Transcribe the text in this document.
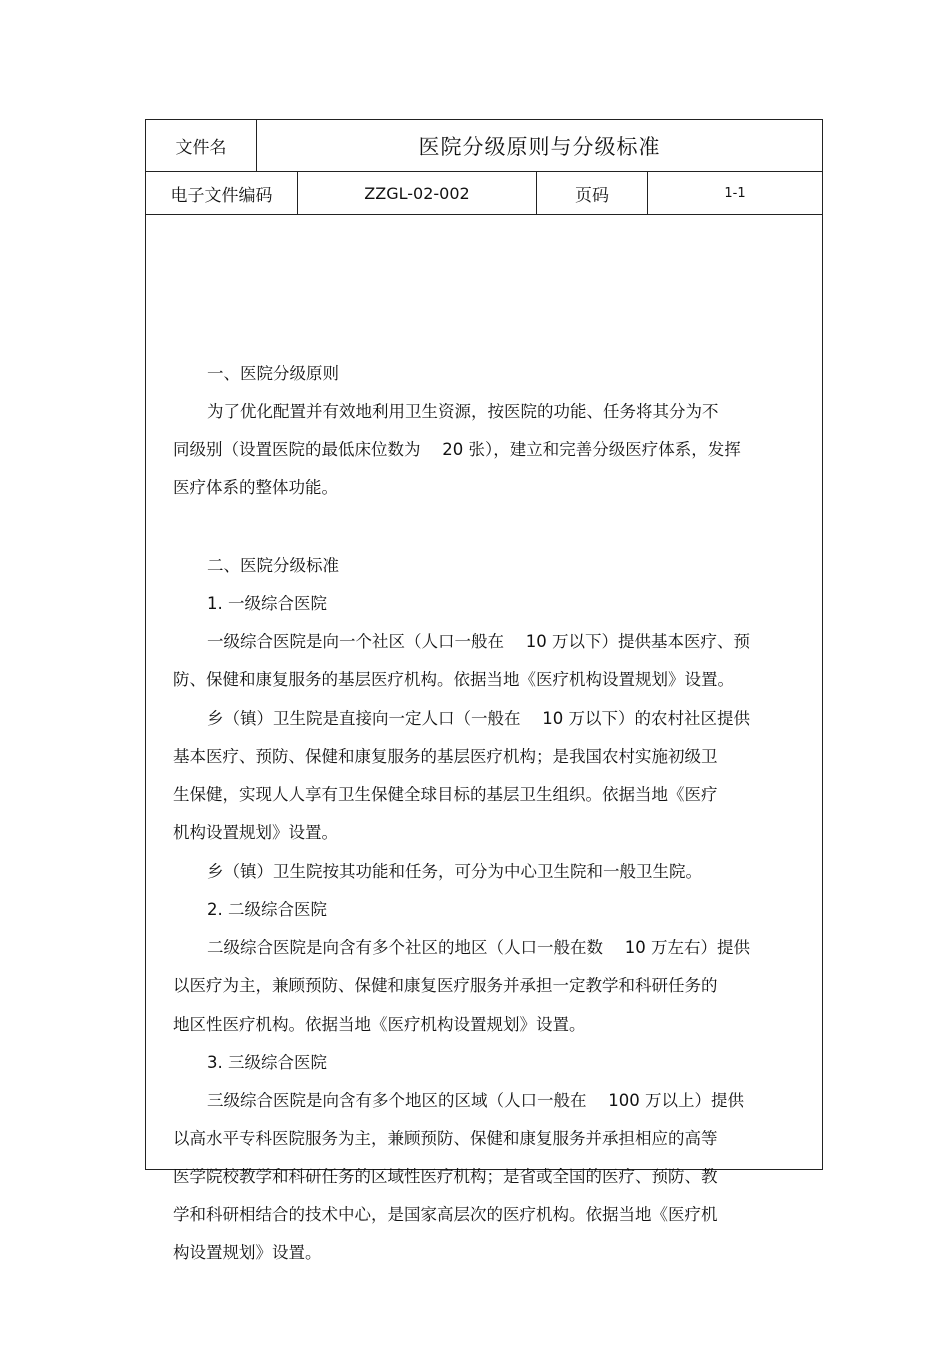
文件名	医院分级原则与分级标准
电子文件编码	ZZGL-02-002	页码	1-1
一、医院分级原则
为了优化配置并有效地利用卫生资源，按医院的功能、任务将其分为不
同级别（设置医院的最低床位数为　 20 张），建立和完善分级医疗体系，发挥
医疗体系的整体功能。
二、医院分级标准
1. 一级综合医院
一级综合医院是向一个社区（人口一般在　 10 万以下）提供基本医疗、预
防、保健和康复服务的基层医疗机构。依据当地《医疗机构设置规划》设置。
乡（镇）卫生院是直接向一定人口（一般在　 10 万以下）的农村社区提供
基本医疗、预防、保健和康复服务的基层医疗机构；是我国农村实施初级卫
生保健，实现人人享有卫生保健全球目标的基层卫生组织。依据当地《医疗
机构设置规划》设置。
乡（镇）卫生院按其功能和任务，可分为中心卫生院和一般卫生院。
2. 二级综合医院
二级综合医院是向含有多个社区的地区（人口一般在数　 10 万左右）提供
以医疗为主，兼顾预防、保健和康复医疗服务并承担一定教学和科研任务的
地区性医疗机构。依据当地《医疗机构设置规划》设置。
3. 三级综合医院
三级综合医院是向含有多个地区的区域（人口一般在　 100 万以上）提供
以高水平专科医院服务为主，兼顾预防、保健和康复服务并承担相应的高等
医学院校教学和科研任务的区域性医疗机构；是省或全国的医疗、预防、教
学和科研相结合的技术中心，是国家高层次的医疗机构。依据当地《医疗机
构设置规划》设置。
